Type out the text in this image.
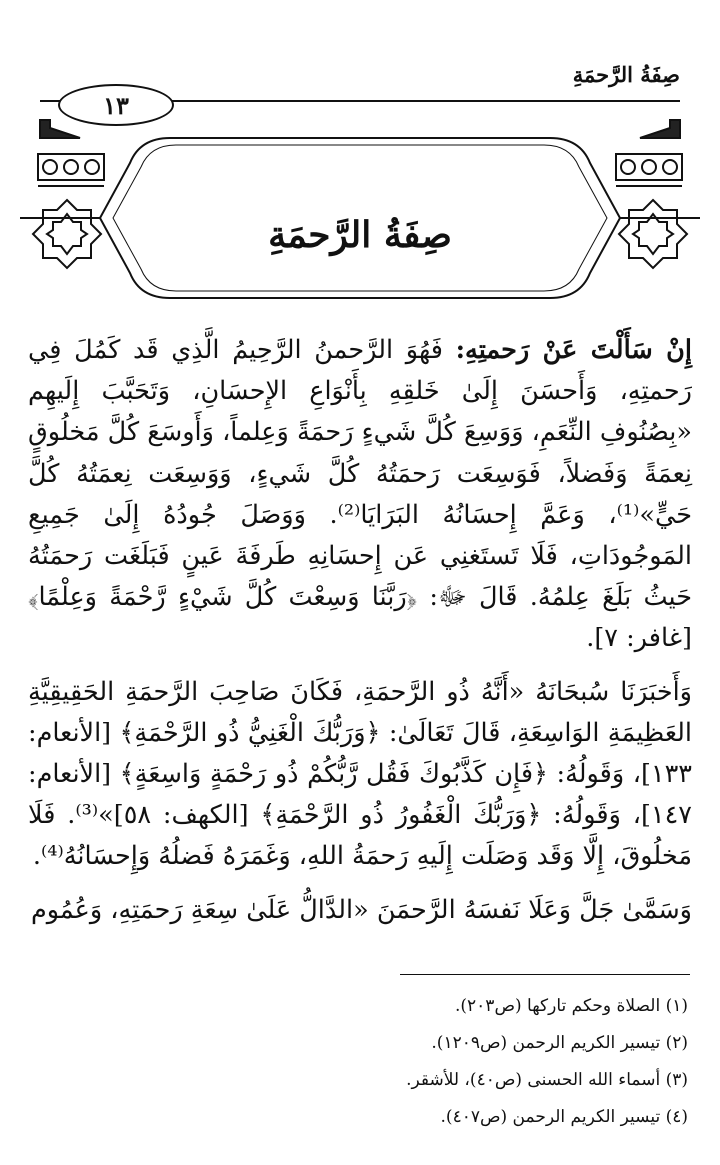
صِفَةُ الرَّحمَةِ
١٣
صِفَةُ الرَّحمَةِ

إِنْ سَأَلْتَ عَنْ رَحمتِهِ: فَهُوَ الرَّحمنُ الرَّحِيمُ الَّذِي قَد كَمُلَ فِي رَحمتِهِ، وَأَحسَنَ إِلَىٰ خَلقِهِ بِأَنْوَاعِ الإِحسَانِ، وَتَحَبَّبَ إِلَيهِم «بِصُنُوفِ النِّعَمِ، وَوَسِعَ كُلَّ شَيءٍ رَحمَةً وَعِلماً، وَأَوسَعَ كُلَّ مَخلُوقٍ نِعمَةً وَفَضلاً، فَوَسِعَت رَحمَتُهُ كُلَّ شَيءٍ، وَوَسِعَت نِعمَتُهُ كُلَّ حَيٍّ»⁽¹⁾، وَعَمَّ إِحسَانُهُ البَرَايَا⁽²⁾. وَوَصَلَ جُودُهُ إِلَىٰ جَمِيعِ المَوجُودَاتِ، فَلَا تَستَغنِي عَن إِحسَانِهِ طَرفَةَ عَينٍ فَبَلَغَت رَحمَتُهُ حَيثُ بَلَغَ عِلمُهُ. قَالَ ﷻ: ﴿رَبَّنَا وَسِعْتَ كُلَّ شَيْءٍ رَّحْمَةً وَعِلْمًا﴾ [غافر: ٧].

وَأَخبَرَنَا سُبحَانَهُ «أَنَّهُ ذُو الرَّحمَةِ، فَكَانَ صَاحِبَ الرَّحمَةِ الحَقِيقِيَّةِ العَظِيمَةِ الوَاسِعَةِ، قَالَ تَعَالَىٰ: ﴿وَرَبُّكَ الْغَنِيُّ ذُو الرَّحْمَةِ﴾ [الأنعام: ١٣٣]، وَقَولُهُ: ﴿فَإِن كَذَّبُوكَ فَقُل رَّبُّكُمْ ذُو رَحْمَةٍ وَاسِعَةٍ﴾ [الأنعام: ١٤٧]، وَقَولُهُ: ﴿وَرَبُّكَ الْغَفُورُ ذُو الرَّحْمَةِ﴾ [الكهف: ٥٨]»⁽³⁾. فَلَا مَخلُوقَ، إِلَّا وَقَد وَصَلَت إِلَيهِ رَحمَةُ اللهِ، وَغَمَرَهُ فَضلُهُ وَإِحسَانُهُ⁽⁴⁾.

وَسَمَّىٰ جَلَّ وَعَلَا نَفسَهُ الرَّحمَنَ «الدَّالُّ عَلَىٰ سِعَةِ رَحمَتِهِ، وَعُمُوم

(١) الصلاة وحكم تاركها (ص٢٠٣).
(٢) تيسير الكريم الرحمن (ص١٢٠٩).
(٣) أسماء الله الحسنى (ص٤٠)، للأشقر.
(٤) تيسير الكريم الرحمن (ص٤٠٧).
